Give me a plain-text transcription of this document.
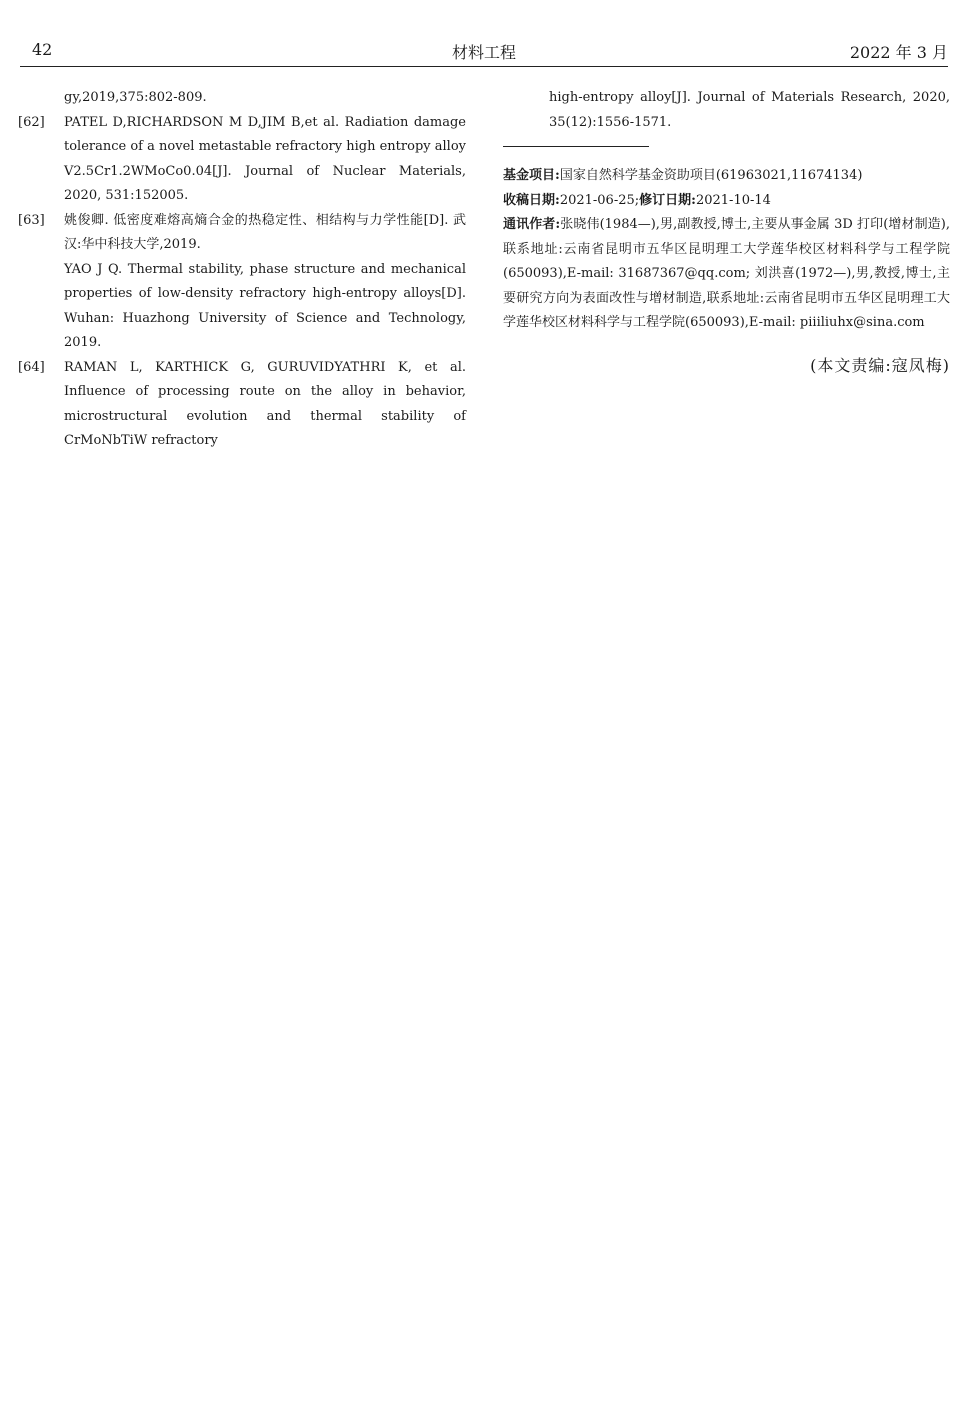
42	材料工程	2022 年 3 月

gy,2019,375:802-809.

[62] PATEL D,RICHARDSON M D,JIM B,et al. Radiation damage tolerance of a novel metastable refractory high entropy alloy V2.5Cr1.2WMoCo0.04[J]. Journal of Nuclear Materials, 2020, 531:152005.

[63] 姚俊卿. 低密度难熔高熵合金的热稳定性、相结构与力学性能[D]. 武汉:华中科技大学,2019.

YAO J Q. Thermal stability, phase structure and mechanical properties of low-density refractory high-entropy alloys[D]. Wuhan: Huazhong University of Science and Technology, 2019.

[64] RAMAN L, KARTHICK G, GURUVIDYATHRI K, et al. Influence of processing route on the alloy in behavior, microstructural evolution and thermal stability of CrMoNbTiW refractory

high-entropy alloy[J]. Journal of Materials Research, 2020, 35(12):1556-1571.

基金项目:国家自然科学基金资助项目(61963021,11674134)

收稿日期:2021-06-25;修订日期:2021-10-14

通讯作者:张晓伟(1984—),男,副教授,博士,主要从事金属 3D 打印(增材制造),联系地址:云南省昆明市五华区昆明理工大学莲华校区材料科学与工程学院(650093),E-mail: 31687367@qq.com; 刘洪喜(1972—),男,教授,博士,主要研究方向为表面改性与增材制造,联系地址:云南省昆明市五华区昆明理工大学莲华校区材料科学与工程学院(650093),E-mail: piiiliuhx@sina.com

(本文责编:寇凤梅)
